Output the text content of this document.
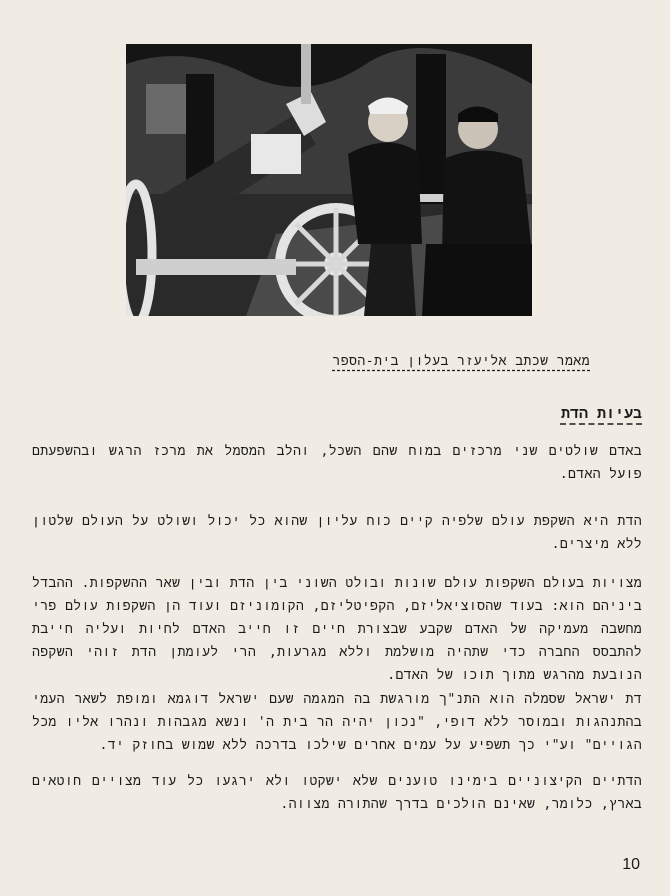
מאמר שכתב אליעזר בעלון בית-הספר
בעיות הדת

באדם שולטים שני מרכזים במוח שהם השכל, והלב המסמל את מרכז הרגש ובהשפעתם פועל האדם.

הדת היא השקפת עולם שלפיה קיים כוח עליון שהוא כל יכול ושולט על העולם שלטון ללא מיצרים.

מצויות בעולם השקפות עולם שונות ובולט השוני בין הדת ובין שאר ההשקפות. ההבדל ביניהם הוא: בעוד שהסוציאליזם, הקפיטליזם, הקומוניזם ועוד הן השקפות עולם פרי מחשבה מעמיקה של האדם שקבע שבצורת חיים זו חייב האדם לחיות ועליה חייבת להתבסס החברה כדי שתהיה מושלמת וללא מגרעות, הרי לעומתן הדת זוהי השקפה הנובעת מהרגש מתוך תוכו של האדם.

דת ישראל שסמלה הוא התנ"ך מורגשת בה המגמה שעם ישראל דוגמא ומופת לשאר העמי בהתנהגות ובמוסר ללא דופי, "נכון יהיה הר בית ה' ונשא מגבהות ונהרו אליו מכל הגויים" וע"י כך תשפיע על עמים אחרים שילכו בדרכה ללא שמוש בחוזק יד.

הדתיים הקיצוניים בימינו טוענים שלא ישקטו ולא ירגעו כל עוד מצויים חוטאים בארץ, כלומר, שאינם הולכים בדרך שהתורה מצווה.

10
